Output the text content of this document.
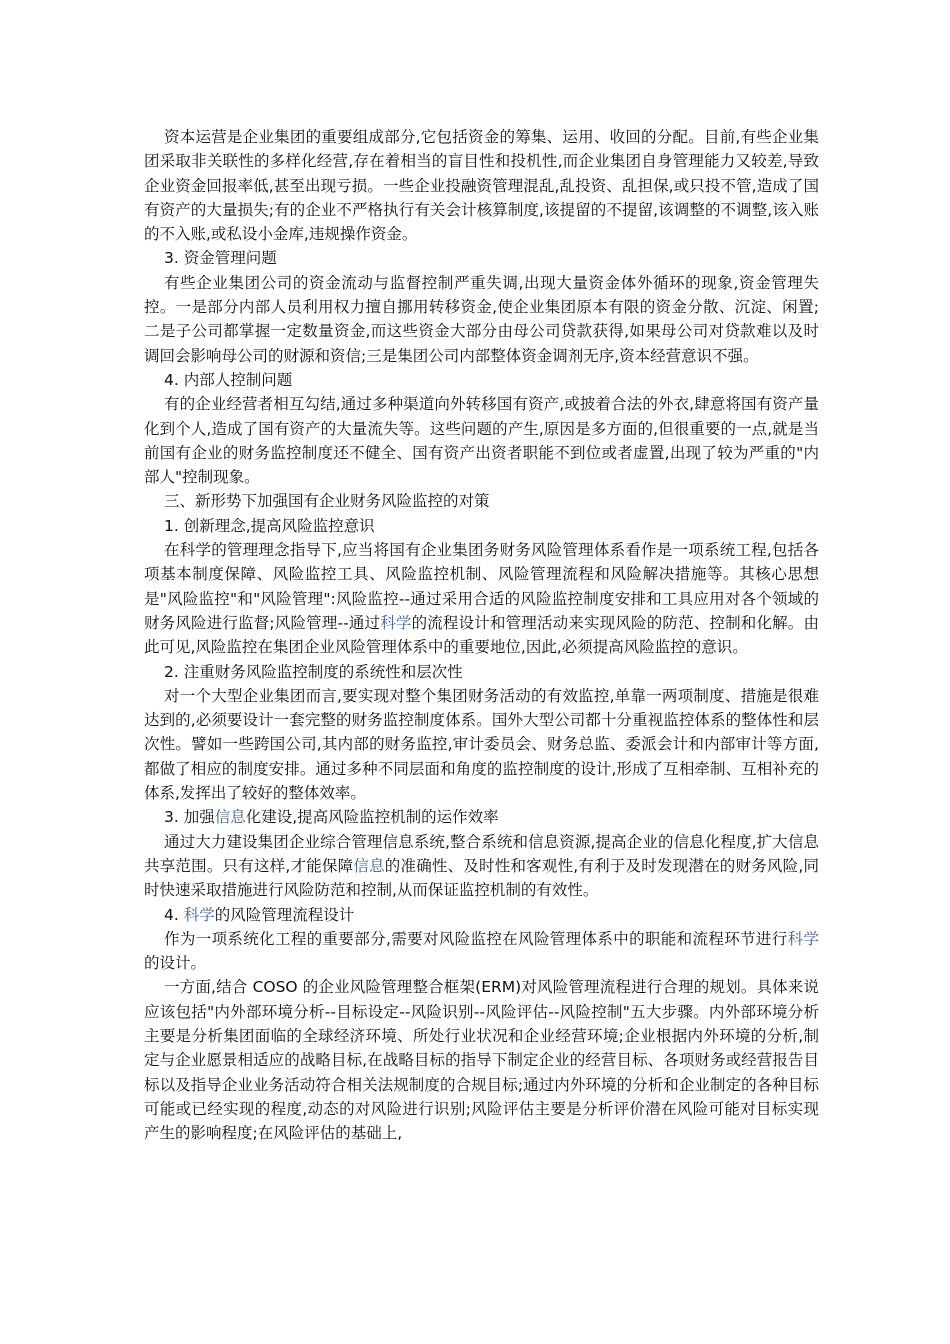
资本运营是企业集团的重要组成部分,它包括资金的筹集、运用、收回的分配。目前,有些企业集团采取非关联性的多样化经营,存在着相当的盲目性和投机性,而企业集团自身管理能力又较差,导致企业资金回报率低,甚至出现亏损。一些企业投融资管理混乱,乱投资、乱担保,或只投不管,造成了国有资产的大量损失;有的企业不严格执行有关会计核算制度,该提留的不提留,该调整的不调整,该入账的不入账,或私设小金库,违规操作资金。

3. 资金管理问题

有些企业集团公司的资金流动与监督控制严重失调,出现大量资金体外循环的现象,资金管理失控。一是部分内部人员利用权力擅自挪用转移资金,使企业集团原本有限的资金分散、沉淀、闲置;二是子公司都掌握一定数量资金,而这些资金大部分由母公司贷款获得,如果母公司对贷款难以及时调回会影响母公司的财源和资信;三是集团公司内部整体资金调剂无序,资本经营意识不强。

4. 内部人控制问题

有的企业经营者相互勾结,通过多种渠道向外转移国有资产,或披着合法的外衣,肆意将国有资产量化到个人,造成了国有资产的大量流失等。这些问题的产生,原因是多方面的,但很重要的一点,就是当前国有企业的财务监控制度还不健全、国有资产出资者职能不到位或者虚置,出现了较为严重的"内部人"控制现象。

三、新形势下加强国有企业财务风险监控的对策

1. 创新理念,提高风险监控意识

在科学的管理理念指导下,应当将国有企业集团务财务风险管理体系看作是一项系统工程,包括各项基本制度保障、风险监控工具、风险监控机制、风险管理流程和风险解决措施等。其核心思想是"风险监控"和"风险管理":风险监控--通过采用合适的风险监控制度安排和工具应用对各个领域的财务风险进行监督;风险管理--通过科学的流程设计和管理活动来实现风险的防范、控制和化解。由此可见,风险监控在集团企业风险管理体系中的重要地位,因此,必须提高风险监控的意识。

2. 注重财务风险监控制度的系统性和层次性

对一个大型企业集团而言,要实现对整个集团财务活动的有效监控,单靠一两项制度、措施是很难达到的,必须要设计一套完整的财务监控制度体系。国外大型公司都十分重视监控体系的整体性和层次性。譬如一些跨国公司,其内部的财务监控,审计委员会、财务总监、委派会计和内部审计等方面,都做了相应的制度安排。通过多种不同层面和角度的监控制度的设计,形成了互相牵制、互相补充的体系,发挥出了较好的整体效率。

3. 加强信息化建设,提高风险监控机制的运作效率

通过大力建设集团企业综合管理信息系统,整合系统和信息资源,提高企业的信息化程度,扩大信息共享范围。只有这样,才能保障信息的准确性、及时性和客观性,有利于及时发现潜在的财务风险,同时快速采取措施进行风险防范和控制,从而保证监控机制的有效性。

4. 科学的风险管理流程设计

作为一项系统化工程的重要部分,需要对风险监控在风险管理体系中的职能和流程环节进行科学的设计。

一方面,结合 COSO 的企业风险管理整合框架(ERM)对风险管理流程进行合理的规划。具体来说应该包括"内外部环境分析--目标设定--风险识别--风险评估--风险控制"五大步骤。内外部环境分析主要是分析集团面临的全球经济环境、所处行业状况和企业经营环境;企业根据内外环境的分析,制定与企业愿景相适应的战略目标,在战略目标的指导下制定企业的经营目标、各项财务或经营报告目标以及指导企业业务活动符合相关法规制度的合规目标;通过内外环境的分析和企业制定的各种目标可能或已经实现的程度,动态的对风险进行识别;风险评估主要是分析评价潜在风险可能对目标实现产生的影响程度;在风险评估的基础上,
